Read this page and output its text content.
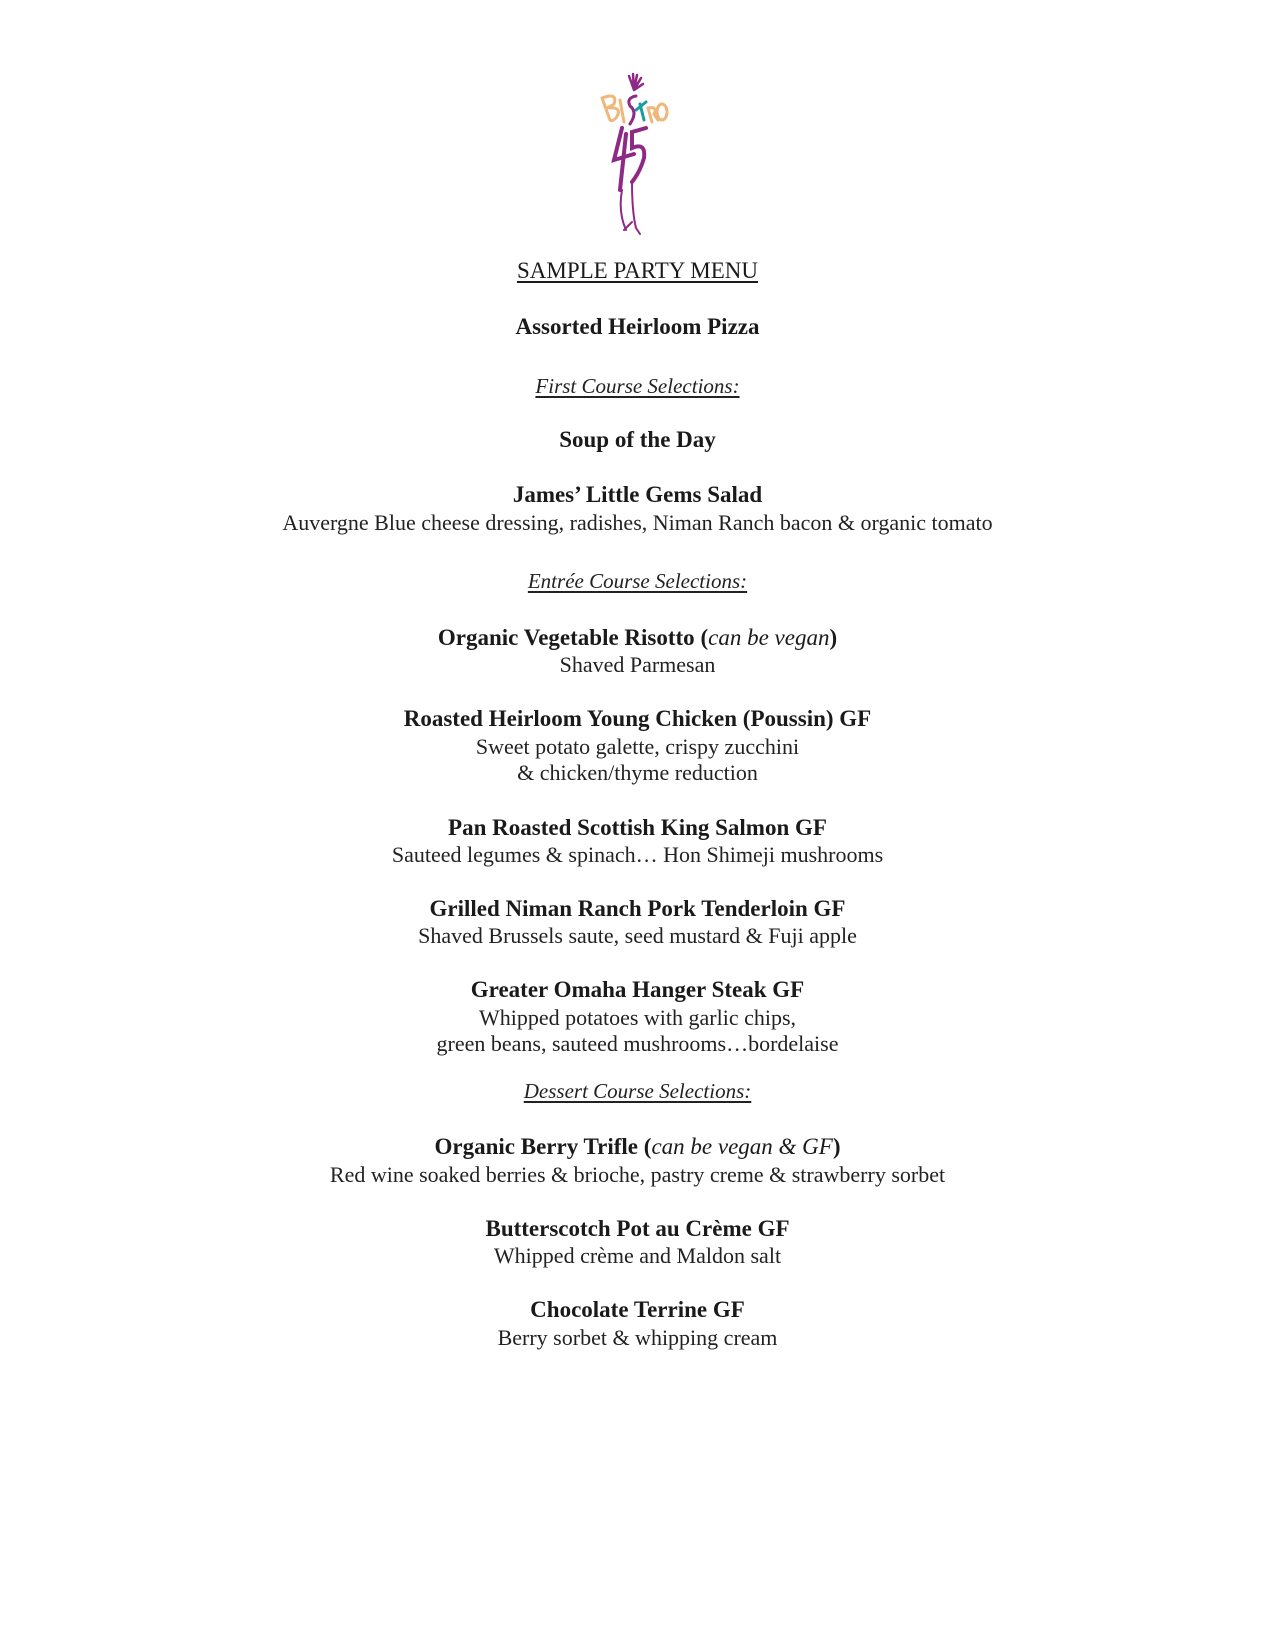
SAMPLE PARTY MENU
Assorted Heirloom Pizza
First Course Selections:
Soup of the Day
James’ Little Gems Salad
Auvergne Blue cheese dressing, radishes, Niman Ranch bacon & organic tomato
Entrée Course Selections:
Organic Vegetable Risotto (can be vegan)
Shaved Parmesan
Roasted Heirloom Young Chicken (Poussin) GF
Sweet potato galette, crispy zucchini
& chicken/thyme reduction
Pan Roasted Scottish King Salmon GF
Sauteed legumes & spinach… Hon Shimeji mushrooms
Grilled Niman Ranch Pork Tenderloin GF
Shaved Brussels saute, seed mustard & Fuji apple
Greater Omaha Hanger Steak GF
Whipped potatoes with garlic chips,
green beans, sauteed mushrooms…bordelaise
Dessert Course Selections:
Organic Berry Trifle (can be vegan & GF)
Red wine soaked berries & brioche, pastry creme & strawberry sorbet
Butterscotch Pot au Crème GF
Whipped crème and Maldon salt
Chocolate Terrine GF
Berry sorbet & whipping cream
